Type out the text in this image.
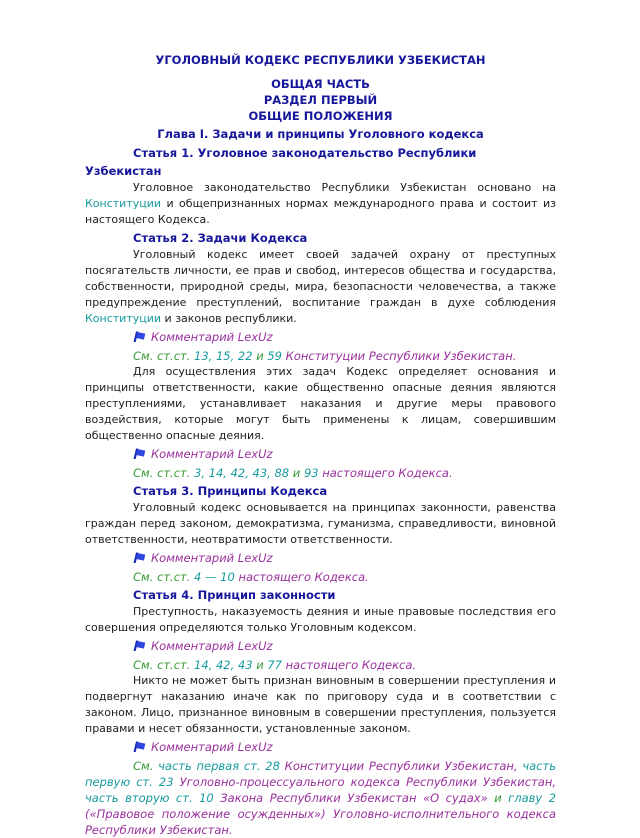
УГОЛОВНЫЙ КОДЕКС РЕСПУБЛИКИ УЗБЕКИСТАН
ОБЩАЯ ЧАСТЬ
РАЗДЕЛ ПЕРВЫЙ
ОБЩИЕ ПОЛОЖЕНИЯ
Глава I. Задачи и принципы Уголовного кодекса
Статья 1. Уголовное законодательство Республики Узбекистан

Уголовное законодательство Республики Узбекистан основано на Конституции и общепризнанных нормах международного права и состоит из настоящего Кодекса.

Статья 2. Задачи Кодекса

Уголовный кодекс имеет своей задачей охрану от преступных посягательств личности, ее прав и свобод, интересов общества и государства, собственности, природной среды, мира, безопасности человечества, а также предупреждение преступлений, воспитание граждан в духе соблюдения Конституции и законов республики.

Комментарий LexUz

См. ст.ст. 13, 15, 22 и 59 Конституции Республики Узбекистан.

Для осуществления этих задач Кодекс определяет основания и принципы ответственности, какие общественно опасные деяния являются преступлениями, устанавливает наказания и другие меры правового воздействия, которые могут быть применены к лицам, совершившим общественно опасные деяния.

Комментарий LexUz

См. ст.ст. 3, 14, 42, 43, 88 и 93 настоящего Кодекса.

Статья 3. Принципы Кодекса

Уголовный кодекс основывается на принципах законности, равенства граждан перед законом, демократизма, гуманизма, справедливости, виновной ответственности, неотвратимости ответственности.

Комментарий LexUz

См. ст.ст. 4 — 10 настоящего Кодекса.

Статья 4. Принцип законности

Преступность, наказуемость деяния и иные правовые последствия его совершения определяются только Уголовным кодексом.

Комментарий LexUz

См. ст.ст. 14, 42, 43 и 77 настоящего Кодекса.

Никто не может быть признан виновным в совершении преступления и подвергнут наказанию иначе как по приговору суда и в соответствии с законом. Лицо, признанное виновным в совершении преступления, пользуется правами и несет обязанности, установленные законом.

Комментарий LexUz

См. часть первая ст. 28 Конституции Республики Узбекистан, часть первую ст. 23 Уголовно-процессуального кодекса Республики Узбекистан, часть вторую ст. 10 Закона Республики Узбекистан «О судах» и главу 2 («Правовое положение осужденных») Уголовно-исполнительного кодекса Республики Узбекистан.
